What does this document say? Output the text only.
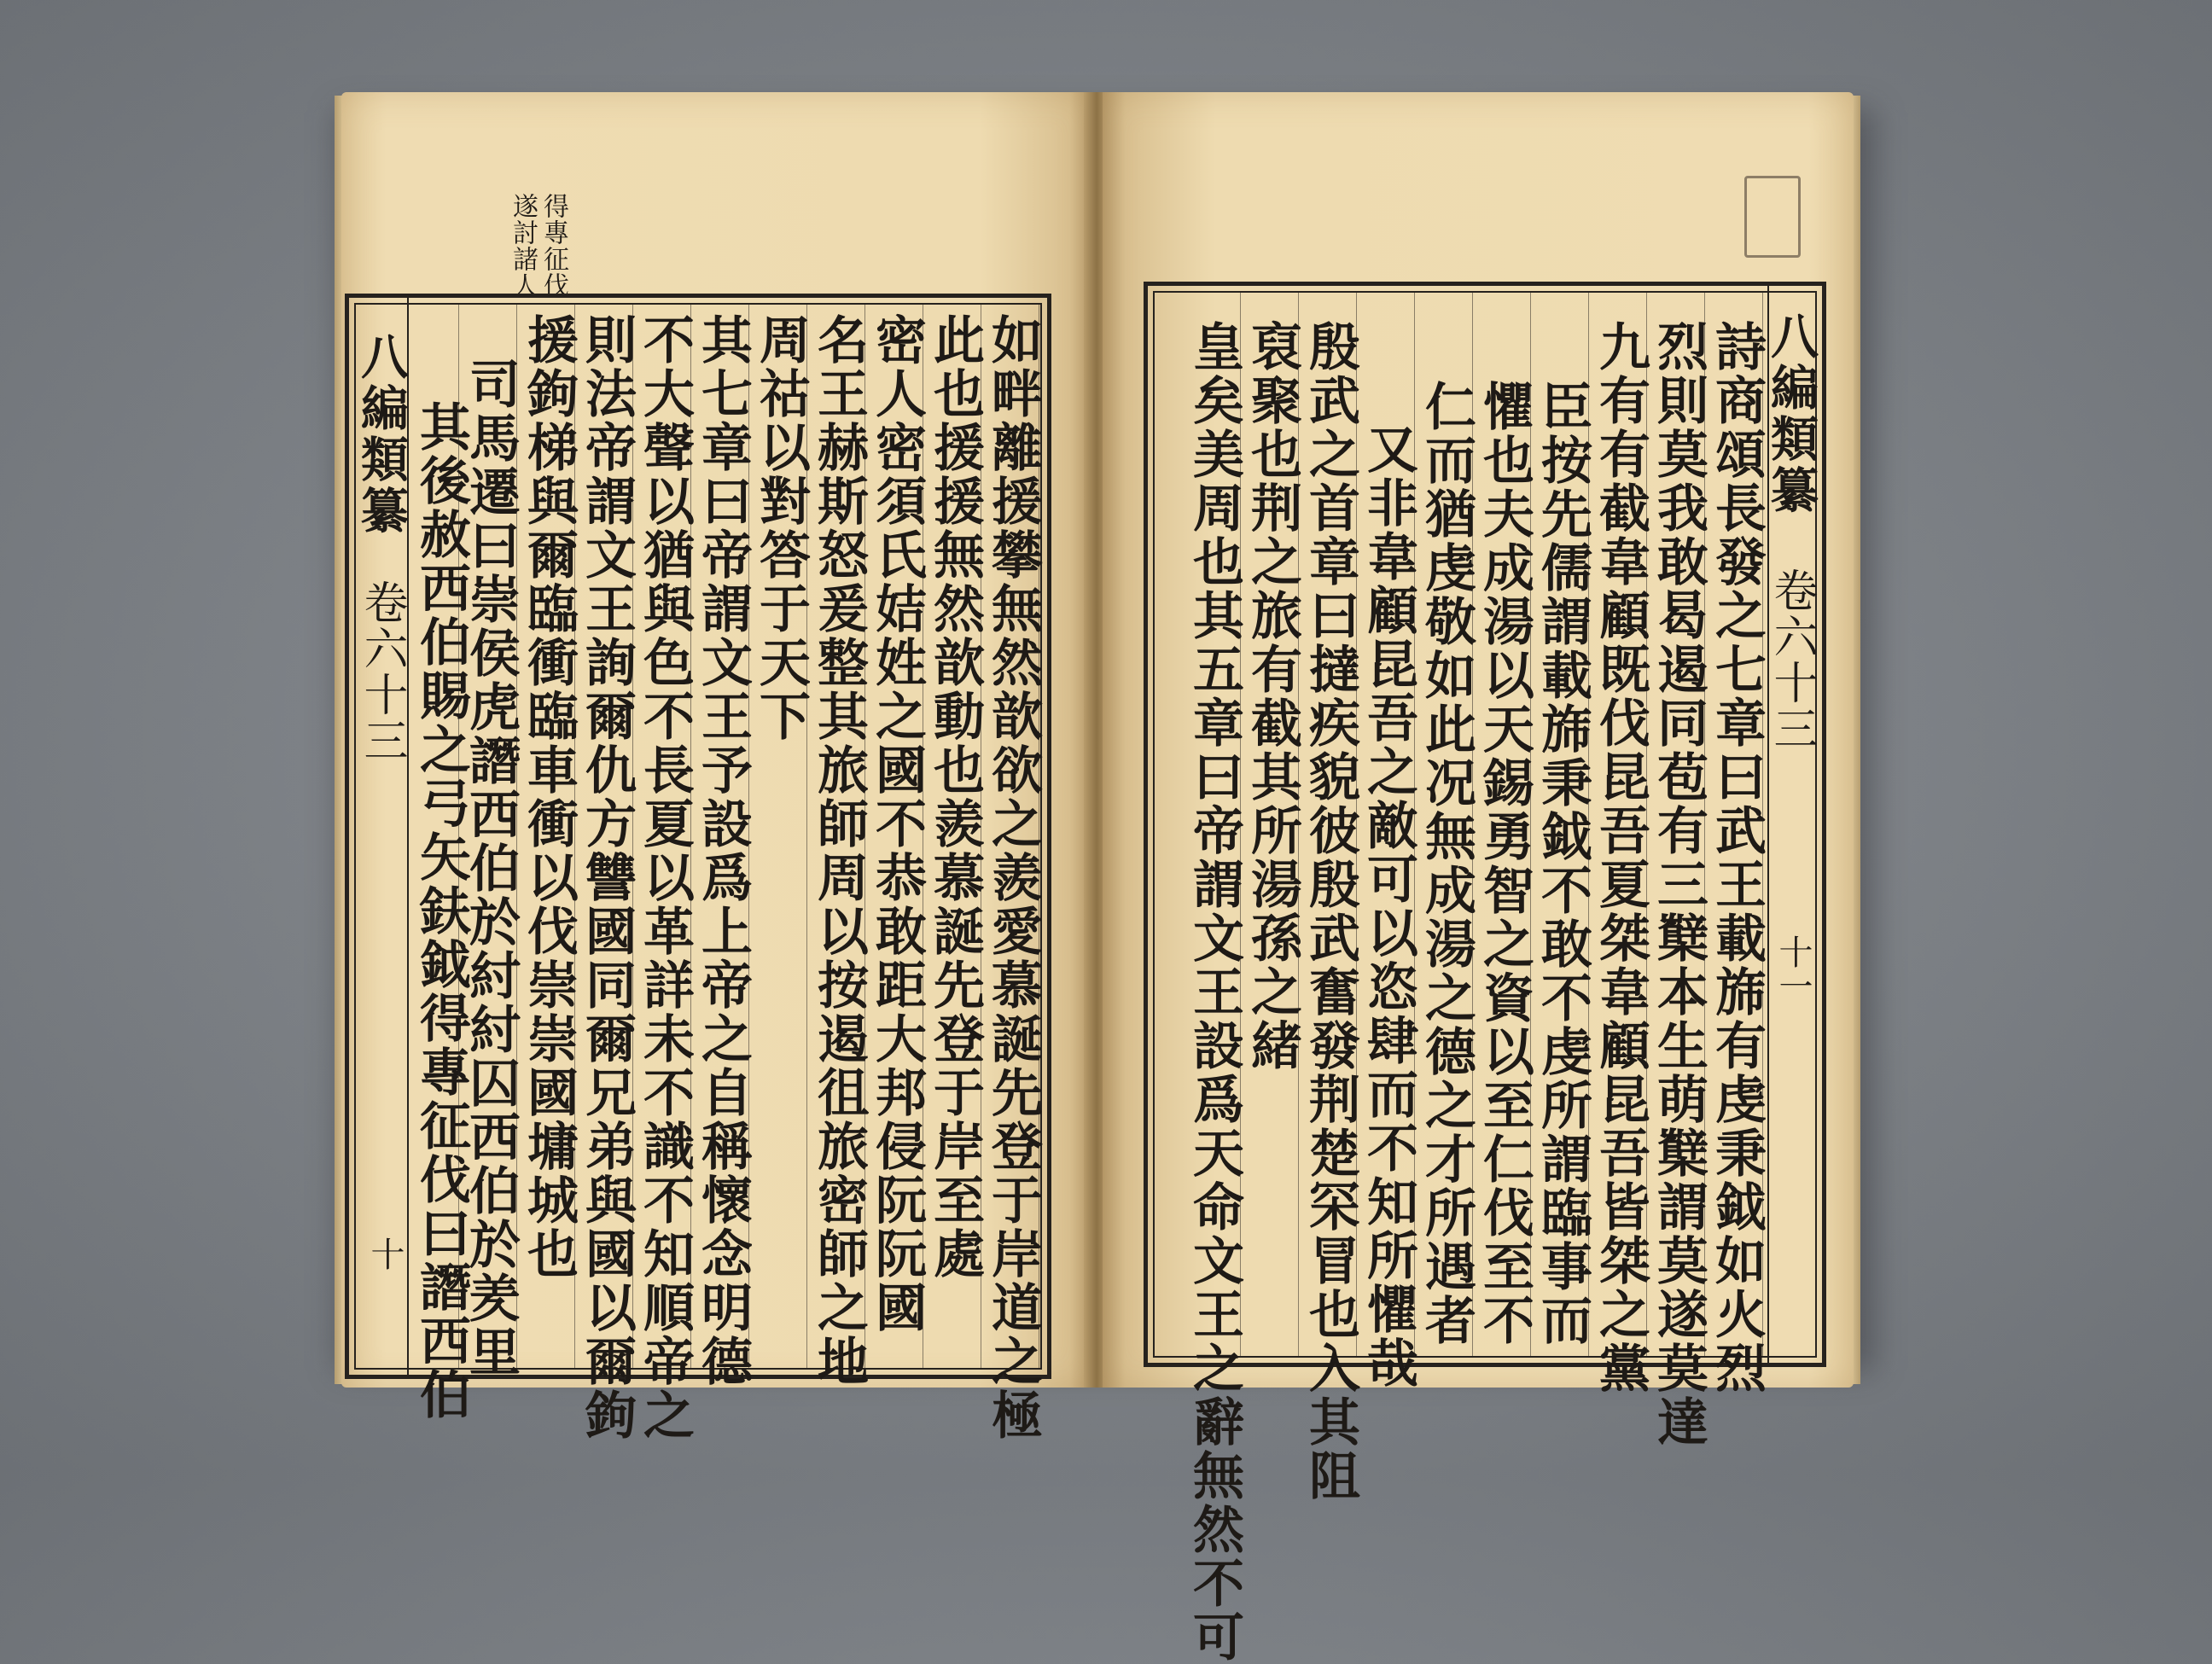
遂討諸人 得專征伐
八編類纂
卷六十三
十	如畔離援攀無然歆欲之羨愛慕誕先登于岸道之極
此也援援無然歆動也羨慕誕先登于岸至處
密人密須氏姞姓之國不恭敢距大邦侵阮阮國
名王赫斯怒爰整其旅師周以按遏徂旅密師之地
周祜以對答于天下
其七章曰帝謂文王予設爲上帝之自稱懷念明德
不大聲以猶與色不長夏以革詳未不識不知順帝之
則法帝謂文王詢爾仇方讐國同爾兄弟與國以爾鉤
援鉤梯與爾臨衝臨車衝以伐崇崇國墉城也
司馬遷曰崇侯虎譖西伯於紂紂囚西伯於羑里
其後赦西伯賜之弓矢鈇鉞得專征伐曰譖西伯	八編類纂
卷六十三
十一
詩商頌長發之七章曰武王載旆有虔秉鉞如火烈
烈則莫我敢曷遏同苞有三櫱本生萌櫱謂莫遂莫達
九有有截韋顧既伐昆吾夏桀韋顧昆吾皆桀之黨
臣按先儒謂載旆秉鉞不敢不虔所謂臨事而
懼也夫成湯以天錫勇智之資以至仁伐至不
仁而猶虔敬如此况無成湯之德之才所遇者
又非韋顧昆吾之敵可以恣肆而不知所懼哉
殷武之首章曰撻疾貌彼殷武奮發荆楚罙冒也入其阻
裒聚也荆之旅有截其所湯孫之緒
皇矣美周也其五章曰帝謂文王設爲天命文王之辭無然不可
